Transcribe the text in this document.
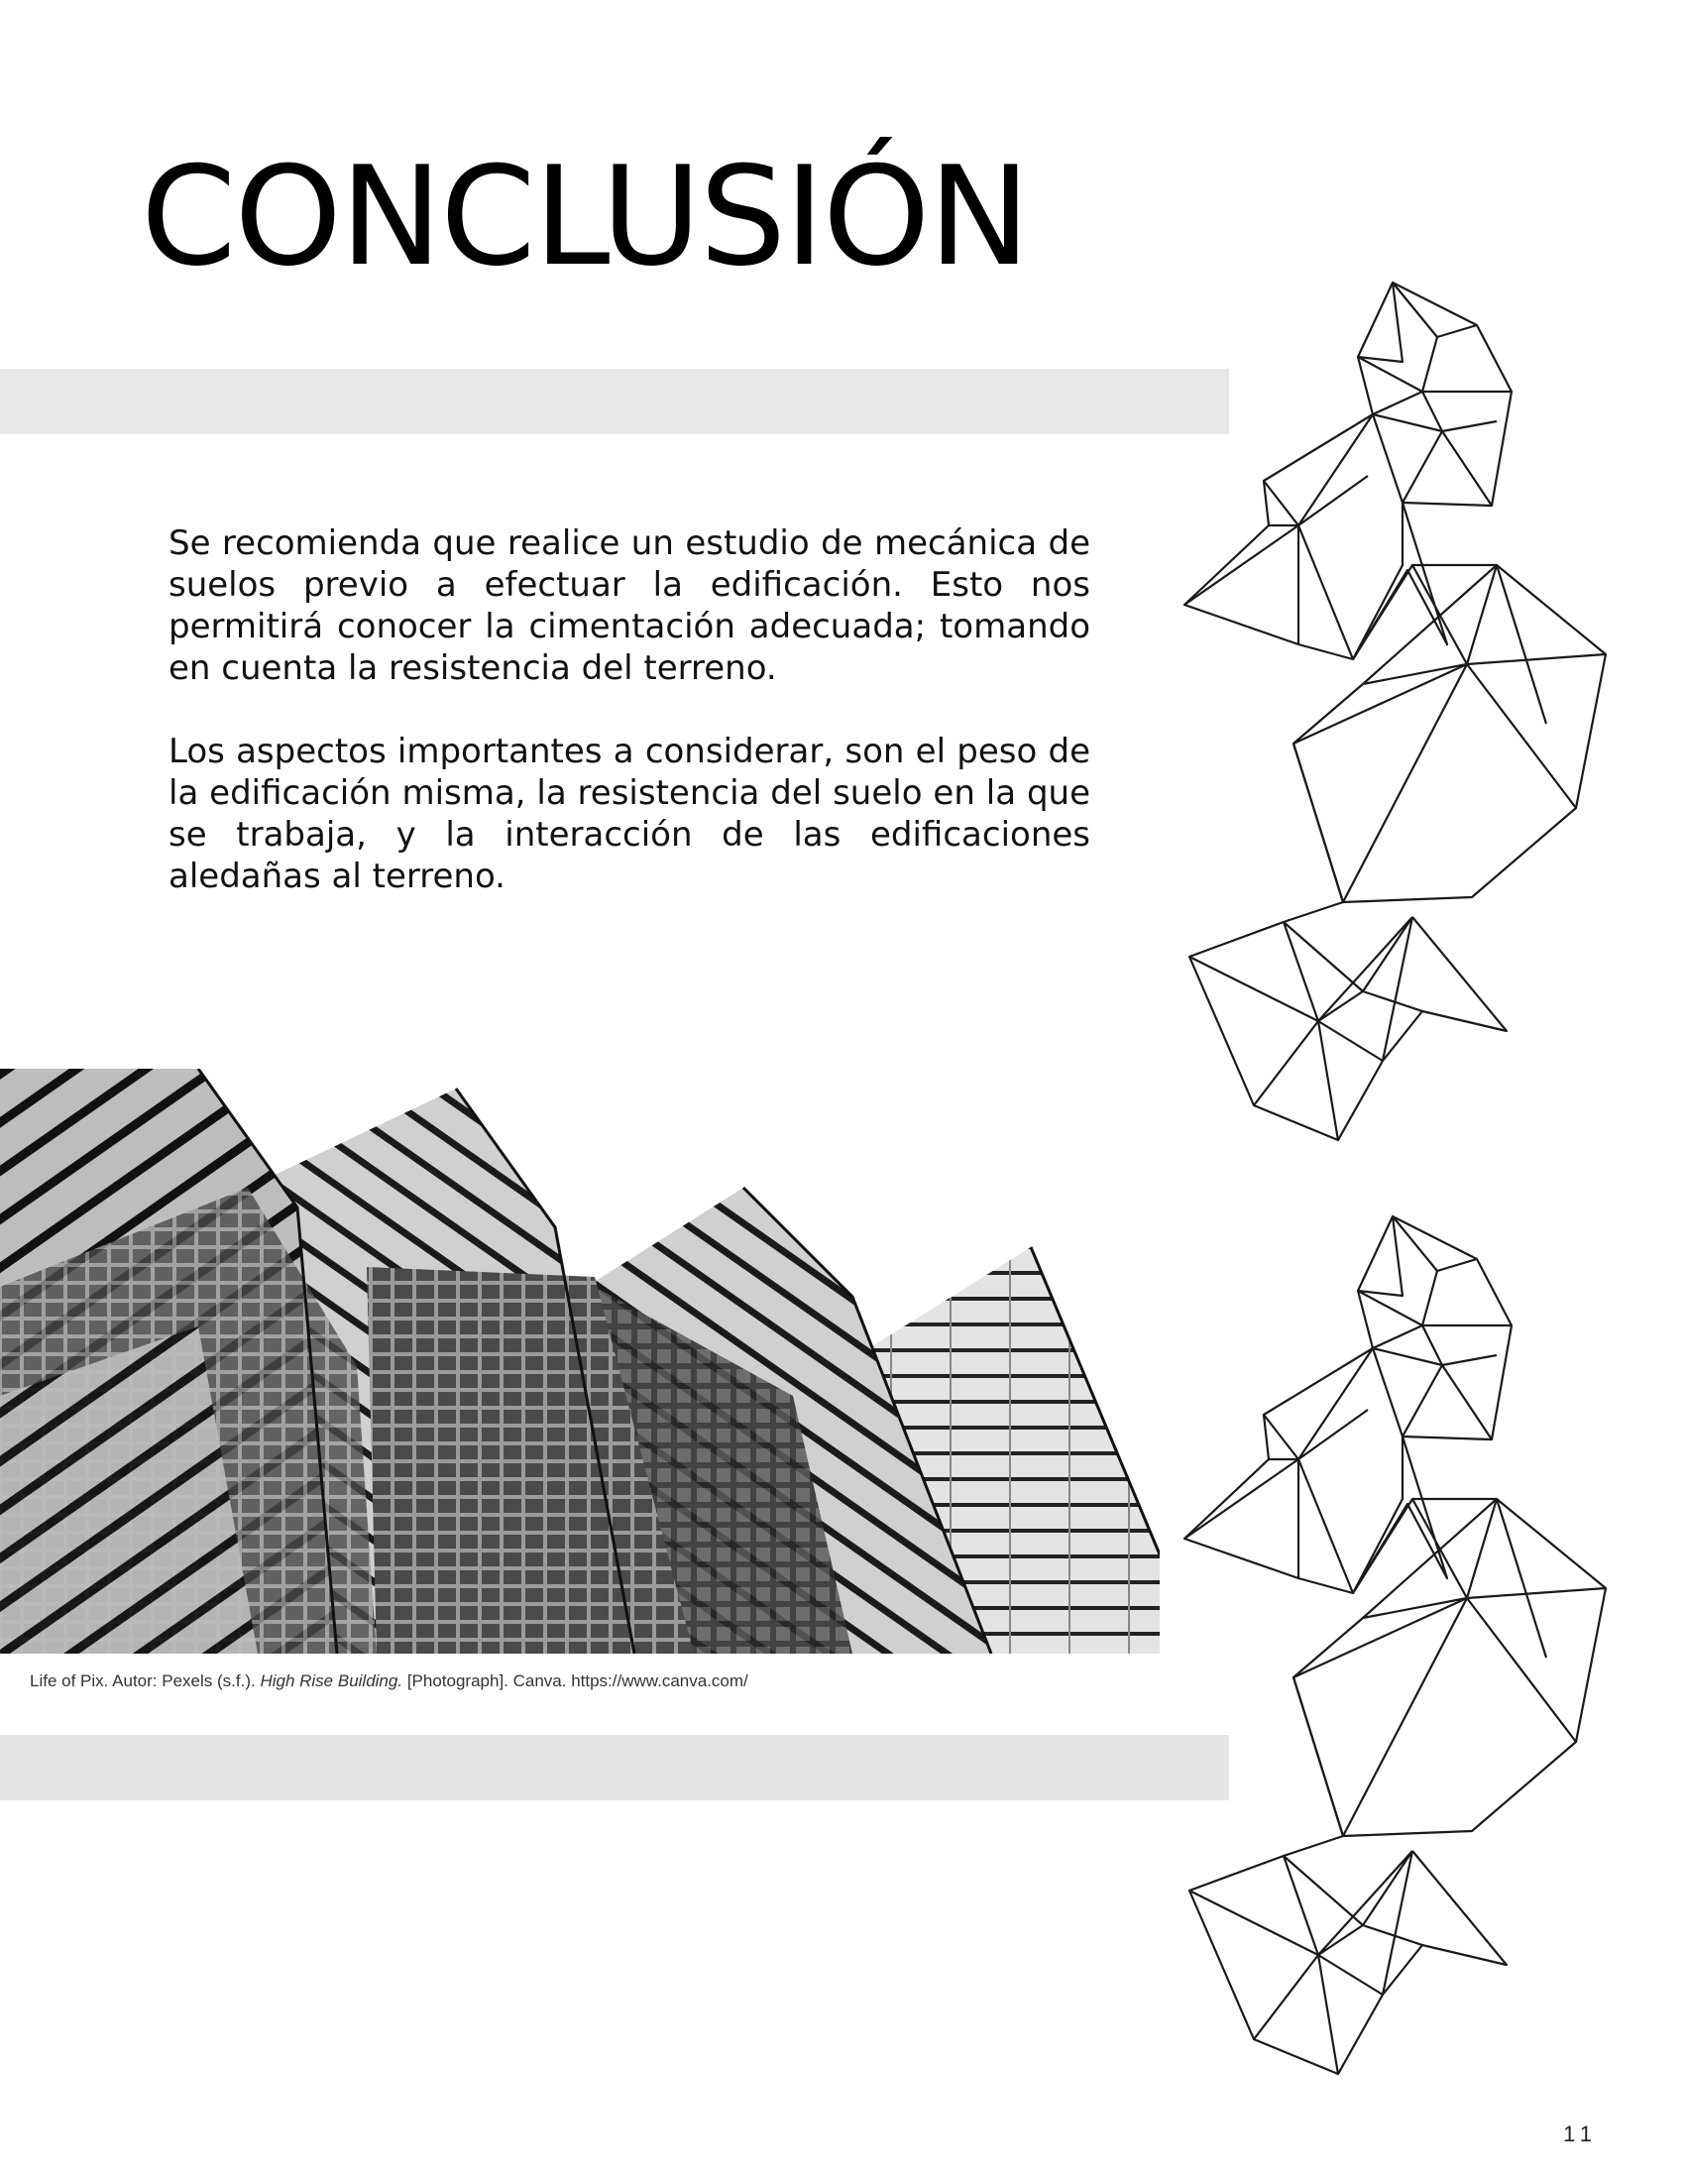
CONCLUSIÓN

Se recomienda que realice un estudio de mecánica de suelos previo a efectuar la edificación. Esto nos permitirá conocer la cimentación adecuada; tomando en cuenta la resistencia del terreno.

Los aspectos importantes a considerar, son el peso de la edificación misma, la resistencia del suelo en la que se trabaja, y la interacción de las edificaciones aledañas al terreno.

Life of Pix. Autor: Pexels (s.f.). High Rise Building. [Photograph]. Canva. https://www.canva.com/
11
